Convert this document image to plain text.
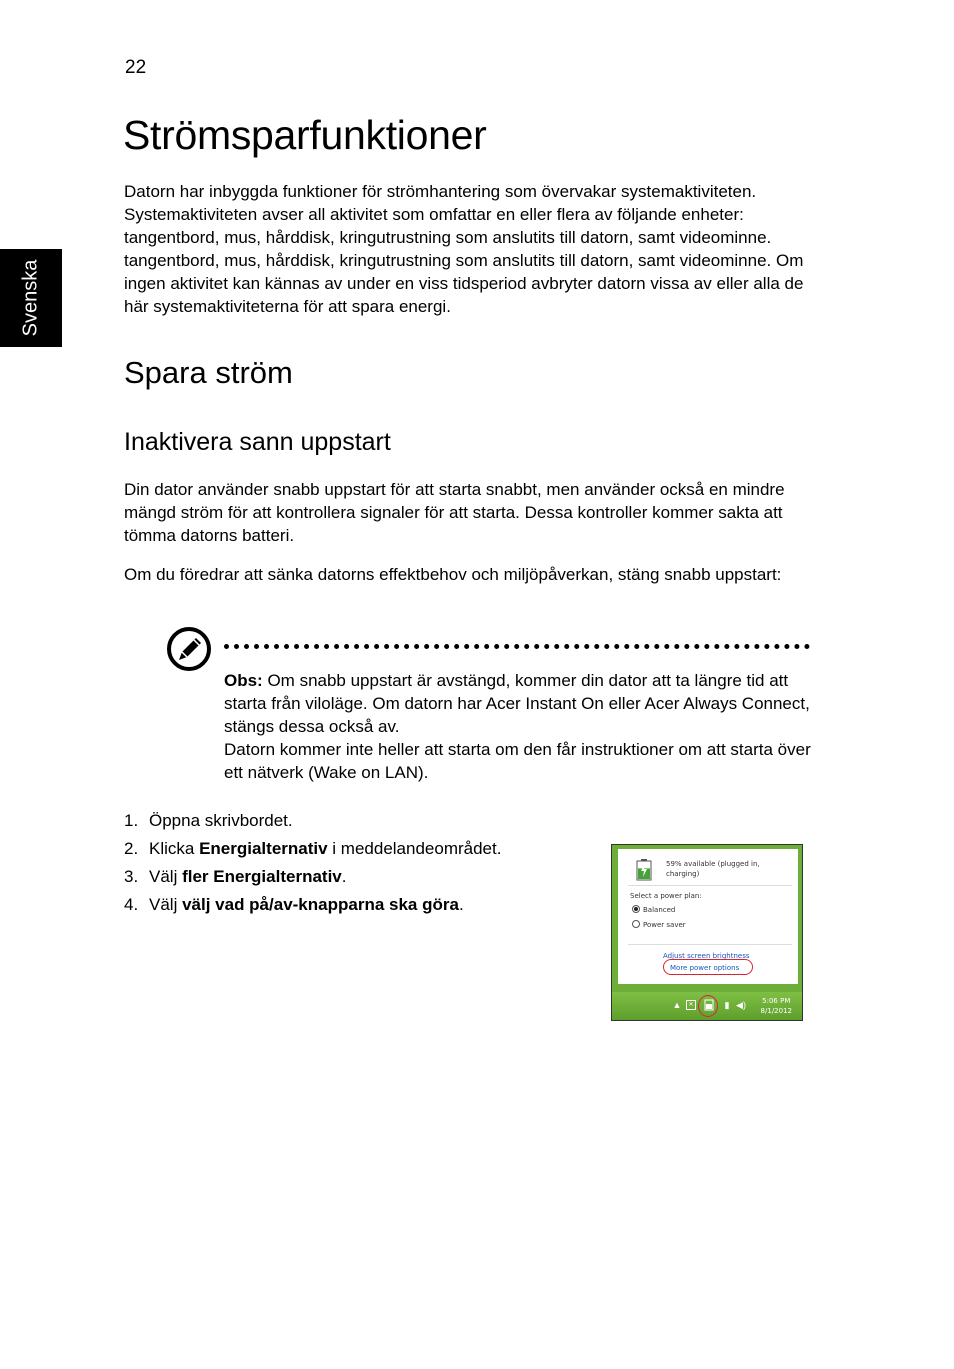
22
Svenska
Strömsparfunktioner

Datorn har inbyggda funktioner för strömhantering som övervakar systemaktiviteten. Systemaktiviteten avser all aktivitet som omfattar en eller flera av följande enheter: tangentbord, mus, hårddisk, kringutrustning som anslutits till datorn, samt videominne. tangentbord, mus, hårddisk, kringutrustning som anslutits till datorn, samt videominne. Om ingen aktivitet kan kännas av under en viss tidsperiod avbryter datorn vissa av eller alla de här systemaktiviteterna för att spara energi.

Spara ström
Inaktivera sann uppstart

Din dator använder snabb uppstart för att starta snabbt, men använder också en mindre mängd ström för att kontrollera signaler för att starta. Dessa kontroller kommer sakta att tömma datorns batteri.

Om du föredrar att sänka datorns effektbehov och miljöpåverkan, stäng snabb uppstart:

Obs: Om snabb uppstart är avstängd, kommer din dator att ta längre tid att starta från viloläge. Om datorn har Acer Instant On eller Acer Always Connect, stängs dessa också av.

Datorn kommer inte heller att starta om den får instruktioner om att starta över ett nätverk (Wake on LAN).

1. Öppna skrivbordet.
2. Klicka Energialternativ i meddelandeområdet.
3. Välj fler Energialternativ.
4. Välj välj vad på/av-knapparna ska göra.
59% available (plugged in, charging)
Select a power plan:
Balanced
Power saver
Adjust screen brightness
More power options
▲	✕	▮ ◀) 5:06 PM
8/1/2012
